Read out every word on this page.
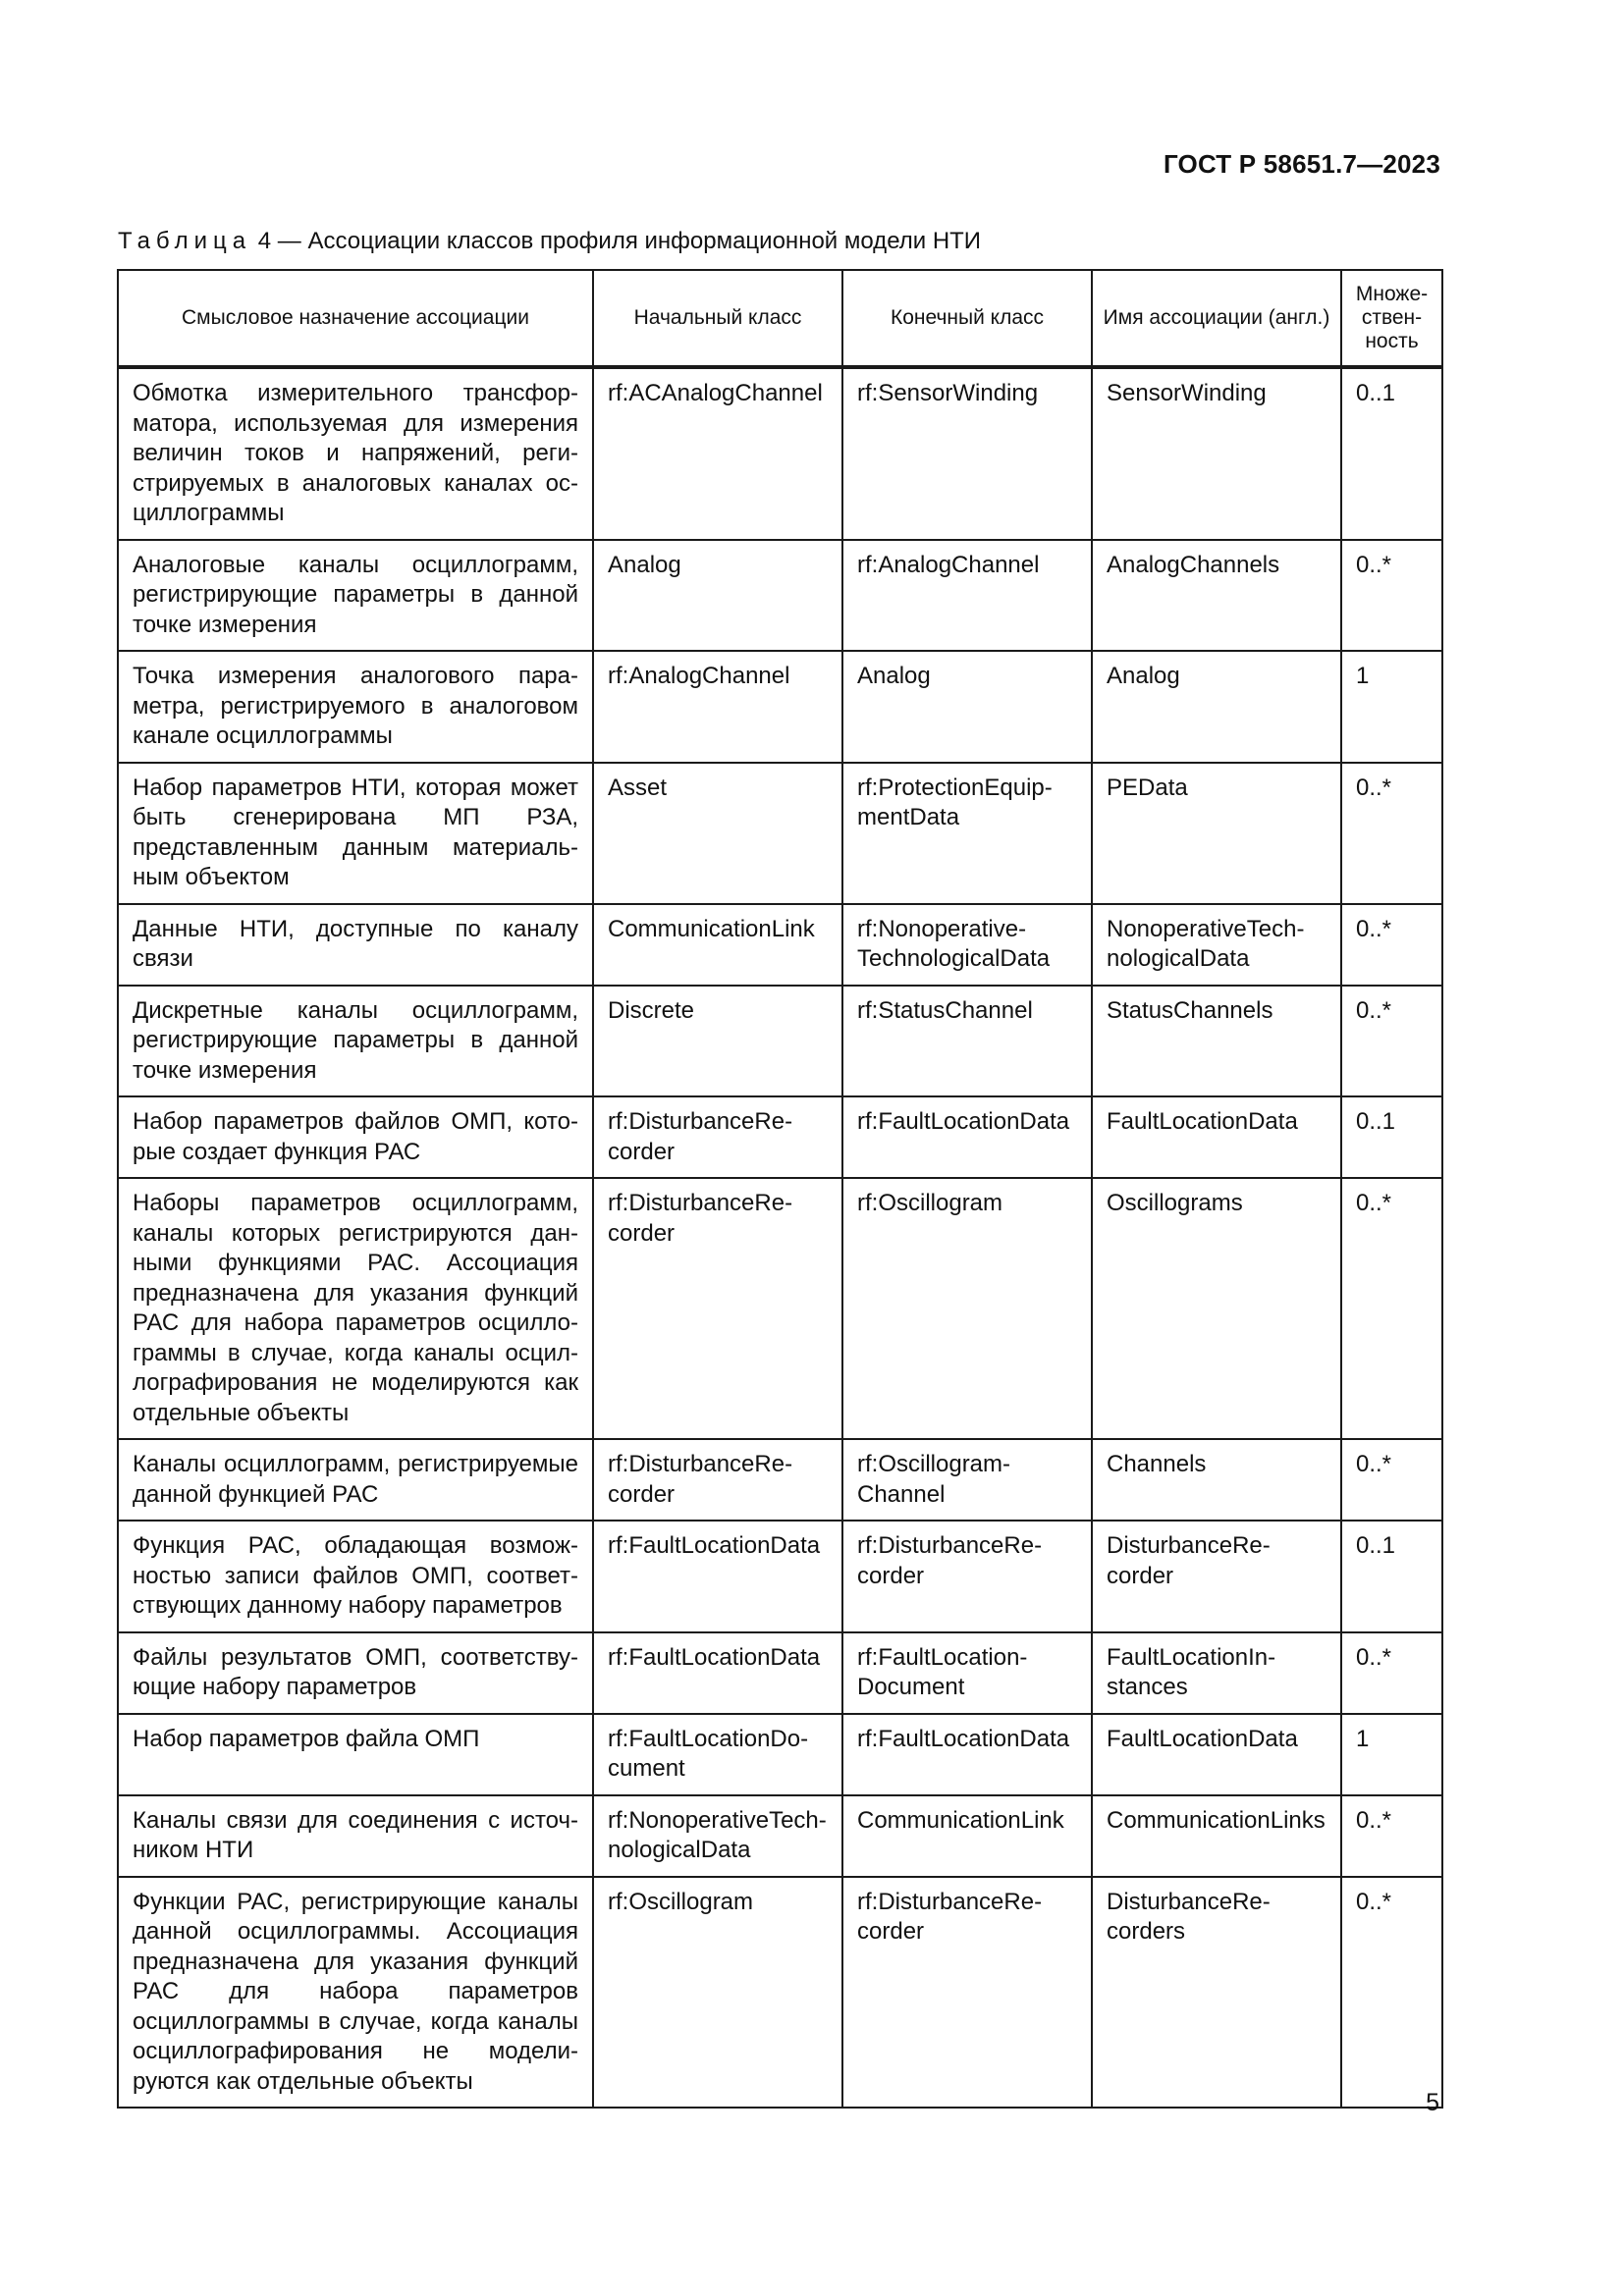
ГОСТ Р 58651.7—2023
Таблица 4 — Ассоциации классов профиля информационной модели НТИ
Смысловое назначение ассоциации	Начальный класс	Конечный класс	Имя ассоциации (англ.)	Множе-ствен-ность
Обмотка измерительного трансформатора, используемая для измерения величин токов и напряжений, регистрируемых в аналоговых каналах осциллограммы	rf:ACAnalogChannel	rf:SensorWinding	SensorWinding	0..1
Аналоговые каналы осциллограмм, регистрирующие параметры в данной точке измерения	Analog	rf:AnalogChannel	AnalogChannels	0..*
Точка измерения аналогового параметра, регистрируемого в аналоговом канале осциллограммы	rf:AnalogChannel	Analog	Analog	1
Набор параметров НТИ, которая может быть сгенерирована МП РЗА, представленным данным материальным объектом	Asset	rf:ProtectionEquipmentData	PEData	0..*
Данные НТИ, доступные по каналу связи	CommunicationLink	rf:Nonoperative-TechnologicalData	NonoperativeTechnologicalData	0..*
Дискретные каналы осциллограмм, регистрирующие параметры в данной точке измерения	Discrete	rf:StatusChannel	StatusChannels	0..*
Набор параметров файлов ОМП, которые создает функция РАС	rf:DisturbanceRecorder	rf:FaultLocationData	FaultLocationData	0..1
Наборы параметров осциллограмм, каналы которых регистрируются данными функциями РАС. Ассоциация предназначена для указания функций РАС для набора параметров осциллограммы в случае, когда каналы осциллографирования не моделируются как отдельные объекты	rf:DisturbanceRecorder	rf:Oscillogram	Oscillograms	0..*
Каналы осциллограмм, регистрируемые данной функцией РАС	rf:DisturbanceRecorder	rf:Oscillogram-Channel	Channels	0..*
Функция РАС, обладающая возможностью записи файлов ОМП, соответствующих данному набору параметров	rf:FaultLocationData	rf:DisturbanceRecorder	DisturbanceRecorder	0..1
Файлы результатов ОМП, соответствующие набору параметров	rf:FaultLocationData	rf:FaultLocation-Document	FaultLocationInstances	0..*
Набор параметров файла ОМП	rf:FaultLocationDocument	rf:FaultLocationData	FaultLocationData	1
Каналы связи для соединения с источником НТИ	rf:NonoperativeTechnologicalData	CommunicationLink	CommunicationLinks	0..*
Функции РАС, регистрирующие каналы данной осциллограммы. Ассоциация предназначена для указания функций РАС для набора параметров осциллограммы в случае, когда каналы осциллографирования не моделируются как отдельные объекты	rf:Oscillogram	rf:DisturbanceRecorder	DisturbanceRecorders	0..*
5
